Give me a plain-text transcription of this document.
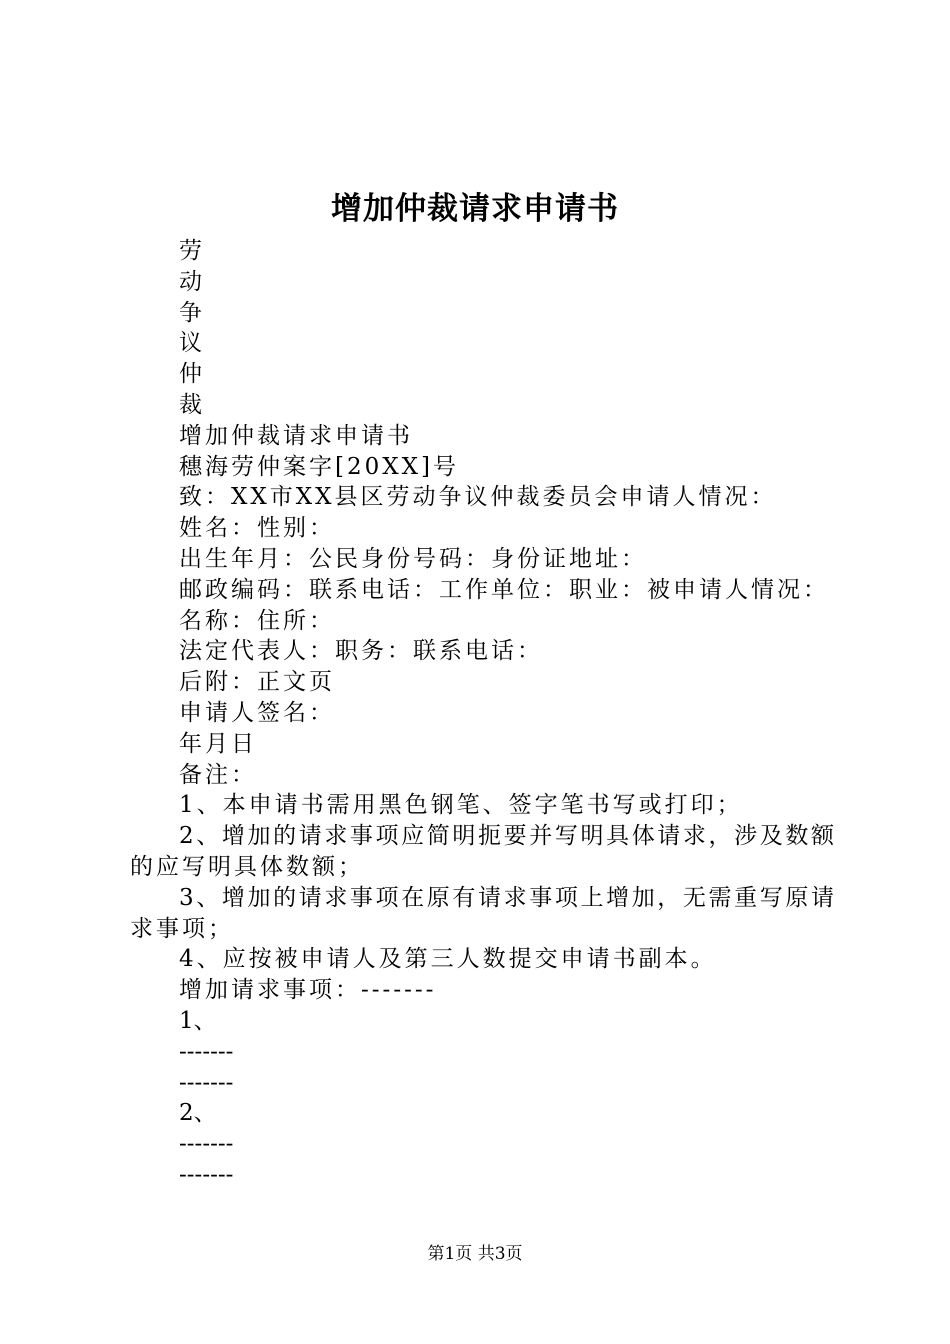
增加仲裁请求申请书
劳
动
争
议
仲
裁
增加仲裁请求申请书
穗海劳仲案字[20XX]号
致：XX市XX县区劳动争议仲裁委员会申请人情况：
姓名：性别：
出生年月：公民身份号码：身份证地址：
邮政编码：联系电话：工作单位：职业：被申请人情况：
名称：住所：
法定代表人：职务：联系电话：
后附：正文页
申请人签名：
年月日
备注：
1、本申请书需用黑色钢笔、签字笔书写或打印；
2、增加的请求事项应简明扼要并写明具体请求，涉及数额
的应写明具体数额；
3、增加的请求事项在原有请求事项上增加，无需重写原请
求事项；
4、应按被申请人及第三人数提交申请书副本。
增加请求事项：-------
1、
-------
-------
2、
-------
-------
第1页 共3页
